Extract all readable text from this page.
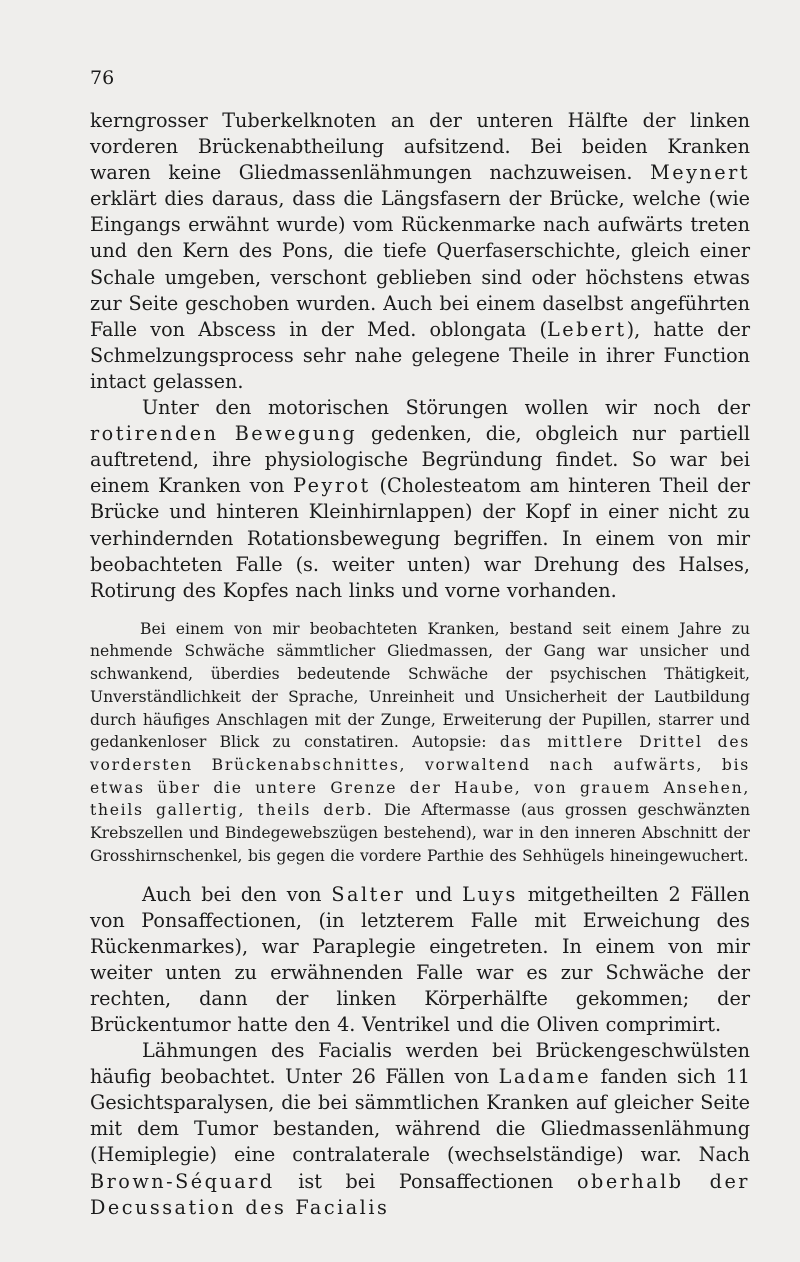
76

kerngrosser Tuberkelknoten an der unteren Hälfte der linken vorderen Brückenabtheilung aufsitzend. Bei beiden Kranken waren keine Gliedmassenlähmungen nachzuweisen. Meynert erklärt dies daraus, dass die Längsfasern der Brücke, welche (wie Eingangs erwähnt wurde) vom Rückenmarke nach aufwärts treten und den Kern des Pons, die tiefe Querfaserschichte, gleich einer Schale umgeben, verschont geblieben sind oder höchstens etwas zur Seite geschoben wurden. Auch bei einem daselbst angeführten Falle von Abscess in der Med. oblongata (Lebert), hatte der Schmelzungsprocess sehr nahe gelegene Theile in ihrer Function intact gelassen.

Unter den motorischen Störungen wollen wir noch der rotirenden Bewegung gedenken, die, obgleich nur partiell auftretend, ihre physiologische Begründung findet. So war bei einem Kranken von Peyrot (Cholesteatom am hinteren Theil der Brücke und hinteren Kleinhirnlappen) der Kopf in einer nicht zu verhindernden Rotationsbewegung begriffen. In einem von mir beobachteten Falle (s. weiter unten) war Drehung des Halses, Rotirung des Kopfes nach links und vorne vorhanden.

Bei einem von mir beobachteten Kranken, bestand seit einem Jahre zu nehmende Schwäche sämmtlicher Gliedmassen, der Gang war unsicher und schwankend, überdies bedeutende Schwäche der psychischen Thätigkeit, Unverständlichkeit der Sprache, Unreinheit und Unsicherheit der Lautbildung durch häufiges Anschlagen mit der Zunge, Erweiterung der Pupillen, starrer und gedankenloser Blick zu constatiren. Autopsie: das mittlere Drittel des vordersten Brückenabschnittes, vorwaltend nach aufwärts, bis etwas über die untere Grenze der Haube, von grauem Ansehen, theils gallertig, theils derb. Die Aftermasse (aus grossen geschwänzten Krebszellen und Bindegewebszügen bestehend), war in den inneren Abschnitt der Grosshirnschenkel, bis gegen die vordere Parthie des Sehhügels hineingewuchert.

Auch bei den von Salter und Luys mitgetheilten 2 Fällen von Ponsaffectionen, (in letzterem Falle mit Erweichung des Rückenmarkes), war Paraplegie eingetreten. In einem von mir weiter unten zu erwähnenden Falle war es zur Schwäche der rechten, dann der linken Körperhälfte gekommen; der Brückentumor hatte den 4. Ventrikel und die Oliven comprimirt.

Lähmungen des Facialis werden bei Brückengeschwülsten häufig beobachtet. Unter 26 Fällen von Ladame fanden sich 11 Gesichtsparalysen, die bei sämmtlichen Kranken auf gleicher Seite mit dem Tumor bestanden, während die Gliedmassenlähmung (Hemiplegie) eine contralaterale (wechselständige) war. Nach Brown-Séquard ist bei Ponsaffectionen oberhalb der Decussation des Facialis
